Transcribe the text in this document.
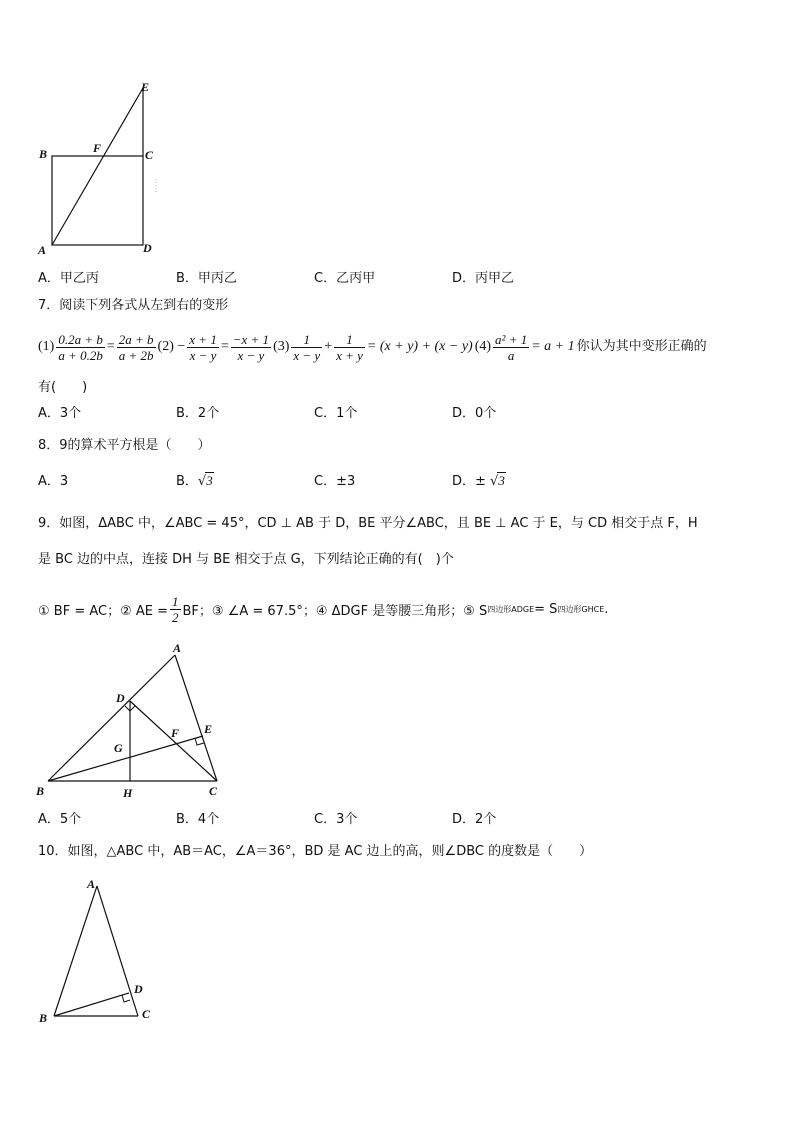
E
B	F	C
A	D
A．甲乙丙	B．甲丙乙	C．乙丙甲	D．丙甲乙
7．阅读下列各式从左到右的变形
$(1) \frac{0.2a + b}{a + 0.2b} = \frac{2a + b}{a + 2b} (2) - \frac{x + 1}{x - y} = \frac{-x + 1}{x - y} (3) \frac{1}{x - y} + \frac{1}{x + y} = (x + y) + (x - y)$ $(4) \frac{\text{a² + 1}}{a} = a + 1$ 你认为其中变形正确的
有(　　)
A．3个	B．2个	C．1个	D．0个
8．9的算术平方根是（　　）
A．3	B．√3	C．±3	D．± √3
9．如图，ΔABC 中，∠ABC = 45°，CD ⊥ AB 于 D，BE 平分∠ABC，且 BE ⊥ AC 于 E，与 CD 相交于点 F，H
是 BC 边的中点，连接 DH 与 BE 相交于点 G，下列结论正确的有(　)个
① BF = AC；② AE = $\frac{1}{2}$ BF；③ ∠A = 67.5°；④ ΔDGF 是等腰三角形；⑤ S 四边形ADGE = S 四边形GHCE .
A
D
E
F
G
B	H	C
A．5个	B．4个	C．3个	D．2个
10．如图，△ABC 中，AB＝AC，∠A＝36°，BD 是 AC 边上的高，则∠DBC 的度数是（　　）
A
D
B	C
